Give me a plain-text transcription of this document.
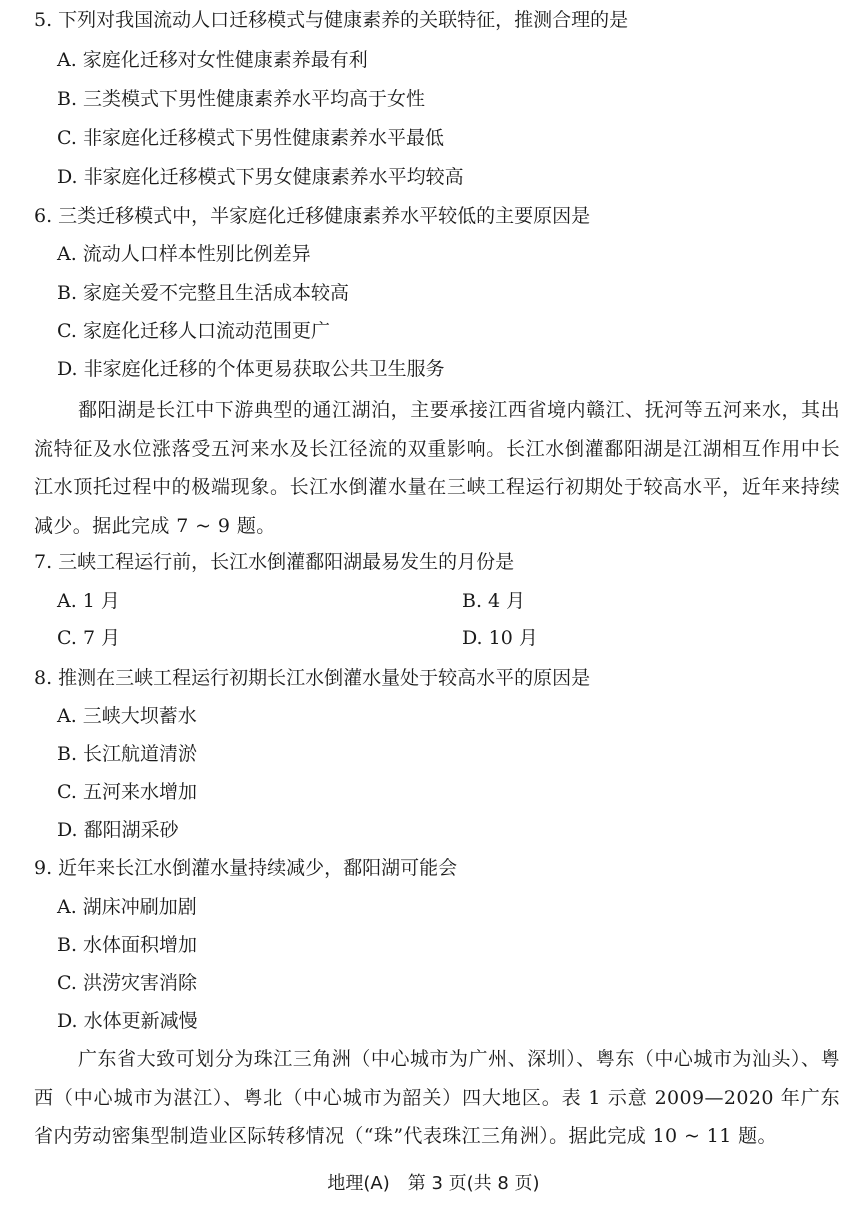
5. 下列对我国流动人口迁移模式与健康素养的关联特征，推测合理的是
A. 家庭化迁移对女性健康素养最有利
B. 三类模式下男性健康素养水平均高于女性
C. 非家庭化迁移模式下男性健康素养水平最低
D. 非家庭化迁移模式下男女健康素养水平均较高
6. 三类迁移模式中，半家庭化迁移健康素养水平较低的主要原因是
A. 流动人口样本性别比例差异
B. 家庭关爱不完整且生活成本较高
C. 家庭化迁移人口流动范围更广
D. 非家庭化迁移的个体更易获取公共卫生服务
鄱阳湖是长江中下游典型的通江湖泊，主要承接江西省境内赣江、抚河等五河来水，其出流特征及水位涨落受五河来水及长江径流的双重影响。长江水倒灌鄱阳湖是江湖相互作用中长江水顶托过程中的极端现象。长江水倒灌水量在三峡工程运行初期处于较高水平，近年来持续减少。据此完成 7 ~ 9 题。
7. 三峡工程运行前，长江水倒灌鄱阳湖最易发生的月份是
A. 1 月	B. 4 月
C. 7 月	D. 10 月
8. 推测在三峡工程运行初期长江水倒灌水量处于较高水平的原因是
A. 三峡大坝蓄水
B. 长江航道清淤
C. 五河来水增加
D. 鄱阳湖采砂
9. 近年来长江水倒灌水量持续减少，鄱阳湖可能会
A. 湖床冲刷加剧
B. 水体面积增加
C. 洪涝灾害消除
D. 水体更新减慢
广东省大致可划分为珠江三角洲（中心城市为广州、深圳）、粤东（中心城市为汕头）、粤西（中心城市为湛江）、粤北（中心城市为韶关）四大地区。表 1 示意 2009—2020 年广东省内劳动密集型制造业区际转移情况（“珠”代表珠江三角洲）。据此完成 10 ~ 11 题。
地理(A)　第 3 页(共 8 页)
